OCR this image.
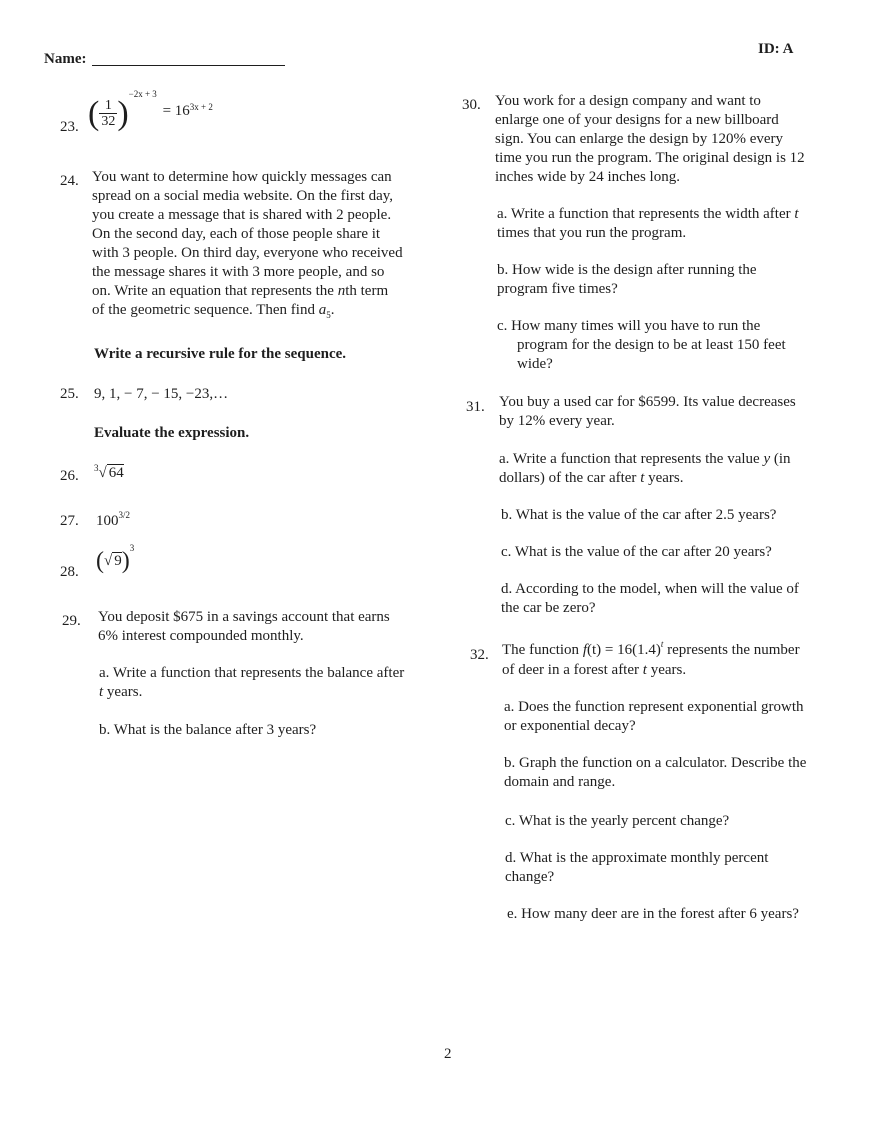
Name:
ID: A
23. ( $\frac{1}{32} )^{-2x + 3} = 16^{3x + 2}$
24. You want to determine how quickly messages can
spread on a social media website. On the first day,
you create a message that is shared with 2 people.
On the second day, each of those people share it
with 3 people. On third day, everyone who received
the message shares it with 3 more people, and so
on. Write an equation that represents the nth term
of the geometric sequence. Then find $a_5$.
Write a recursive rule for the sequence.
25. 9, 1, − 7, − 15, −23,…
Evaluate the expression.
26. $^3$√ 64
27. $100^{3/2}$
28. (√ 9)$^3$
29. You deposit $675 in a savings account that earns
6% interest compounded monthly.
a. Write a function that represents the balance after
t years.
b. What is the balance after 3 years?
30. You work for a design company and want to
enlarge one of your designs for a new billboard
sign. You can enlarge the design by 120% every
time you run the program. The original design is 12
inches wide by 24 inches long.
a. Write a function that represents the width after t
times that you run the program.
b. How wide is the design after running the
program five times?
c. How many times will you have to run the
program for the design to be at least 150 feet
wide?
31. You buy a used car for $6599. Its value decreases
by 12% every year.
a. Write a function that represents the value y (in
dollars) of the car after t years.
b. What is the value of the car after 2.5 years?
c. What is the value of the car after 20 years?
d. According to the model, when will the value of
the car be zero?
32. The function $f(t) = 16(1.4)^t$ represents the number
of deer in a forest after t years.
a. Does the function represent exponential growth
or exponential decay?
b. Graph the function on a calculator. Describe the
domain and range.
c. What is the yearly percent change?
d. What is the approximate monthly percent
change?
e. How many deer are in the forest after 6 years?
2
